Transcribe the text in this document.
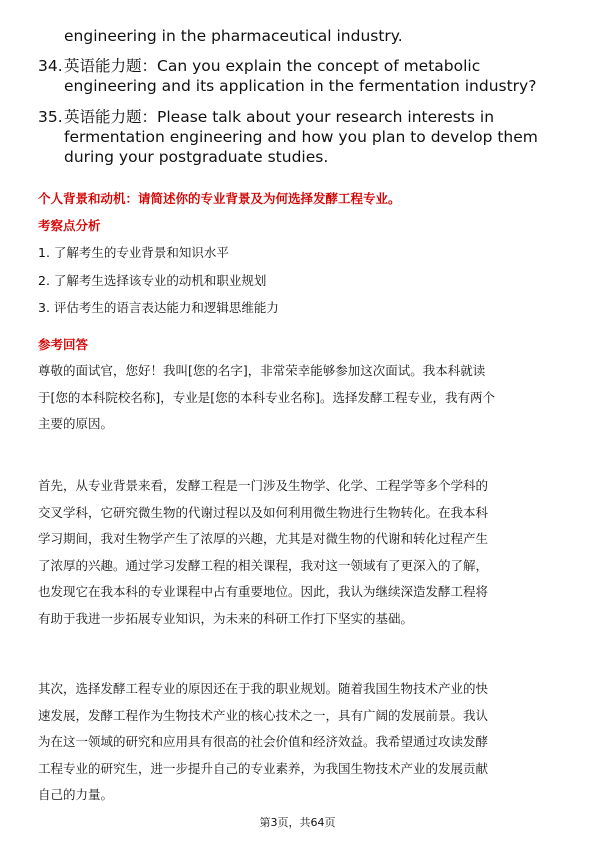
engineering in the pharmaceutical industry.
34. 英语能力题：Can you explain the concept of metabolic
engineering and its application in the fermentation industry?
35. 英语能力题：Please talk about your research interests in
fermentation engineering and how you plan to develop them
during your postgraduate studies.
个人背景和动机：请简述你的专业背景及为何选择发酵工程专业。
考察点分析
1. 了解考生的专业背景和知识水平
2. 了解考生选择该专业的动机和职业规划
3. 评估考生的语言表达能力和逻辑思维能力
参考回答
尊敬的面试官，您好！我叫[您的名字]，非常荣幸能够参加这次面试。我本科就读
于[您的本科院校名称]，专业是[您的本科专业名称]。选择发酵工程专业，我有两个
主要的原因。
首先，从专业背景来看，发酵工程是一门涉及生物学、化学、工程学等多个学科的
交叉学科，它研究微生物的代谢过程以及如何利用微生物进行生物转化。在我本科
学习期间，我对生物学产生了浓厚的兴趣，尤其是对微生物的代谢和转化过程产生
了浓厚的兴趣。通过学习发酵工程的相关课程，我对这一领域有了更深入的了解，
也发现它在我本科的专业课程中占有重要地位。因此，我认为继续深造发酵工程将
有助于我进一步拓展专业知识，为未来的科研工作打下坚实的基础。
其次，选择发酵工程专业的原因还在于我的职业规划。随着我国生物技术产业的快
速发展，发酵工程作为生物技术产业的核心技术之一，具有广阔的发展前景。我认
为在这一领域的研究和应用具有很高的社会价值和经济效益。我希望通过攻读发酵
工程专业的研究生，进一步提升自己的专业素养，为我国生物技术产业的发展贡献
自己的力量。
第3页，共64页
